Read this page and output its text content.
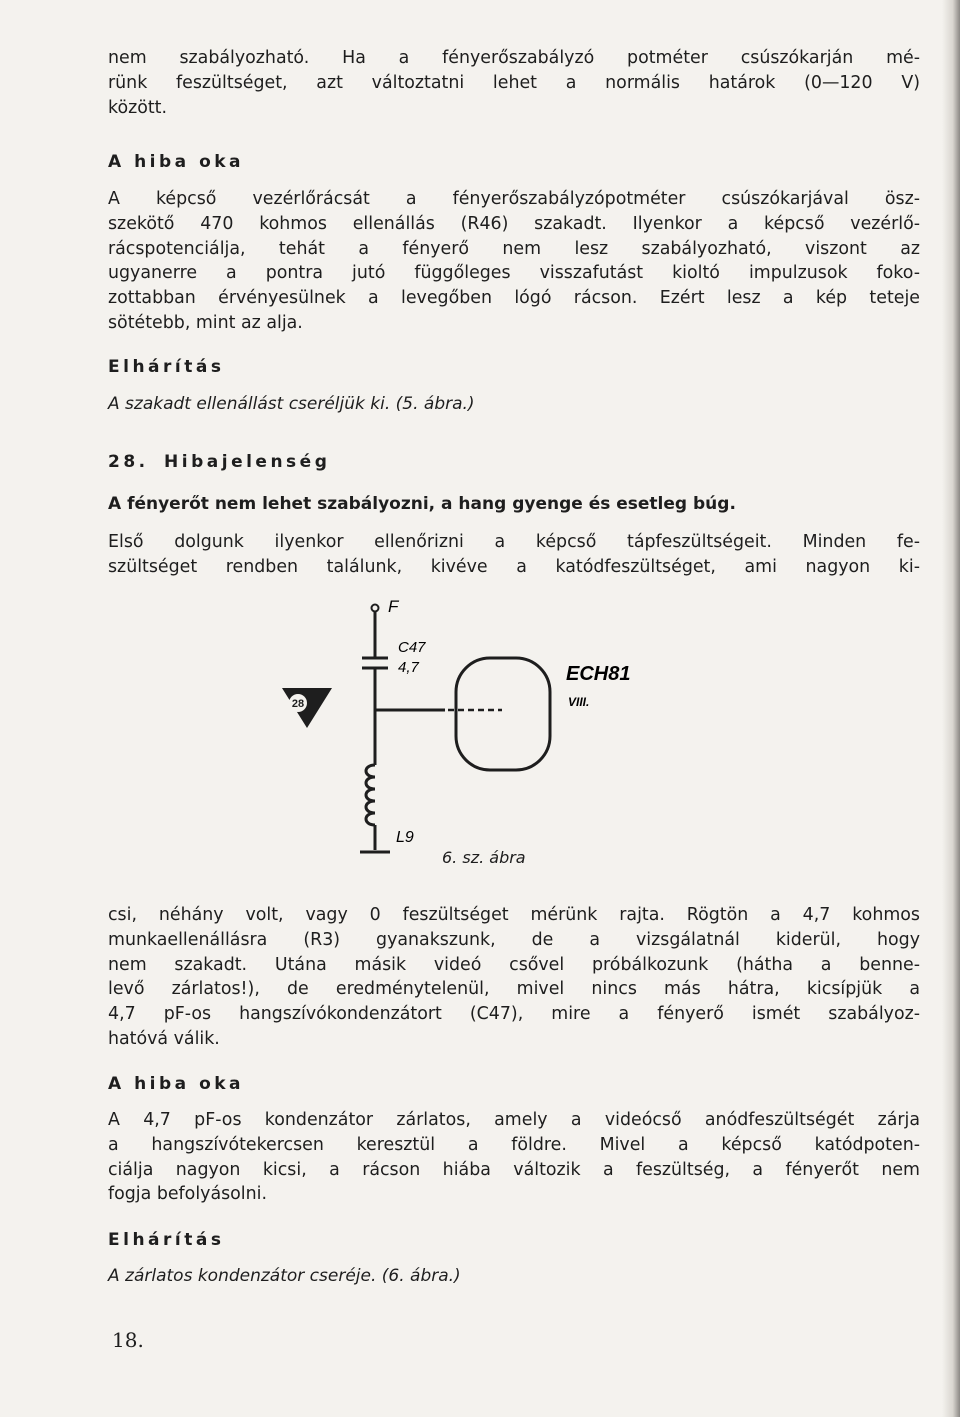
nem szabályozható. Ha a fényerőszabályzó potméter csúszókarján mé-
rünk feszültséget, azt változtatni lehet a normális határok (0—120 V)
között.

A hiba oka

A képcső vezérlőrácsát a fényerőszabályzópotméter csúszókarjával ösz-
szekötő 470 kohmos ellenállás (R46) szakadt. Ilyenkor a képcső vezérlő-
rácspotenciálja, tehát a fényerő nem lesz szabályozható, viszont az
ugyanerre a pontra jutó függőleges visszafutást kioltó impulzusok foko-
zottabban érvényesülnek a levegőben lógó rácson. Ezért lesz a kép teteje
sötétebb, mint az alja.

Elhárítás

A szakadt ellenállást cseréljük ki. (5. ábra.)

28. Hibajelenség

A fényerőt nem lehet szabályozni, a hang gyenge és esetleg búg.

Első dolgunk ilyenkor ellenőrizni a képcső tápfeszültségeit. Minden fe-
szültséget rendben találunk, kivéve a katódfeszültséget, ami nagyon ki-
28
F
C47
4,7	ECH81
VIII.
L9

6. sz. ábra

csi, néhány volt, vagy 0 feszültséget mérünk rajta. Rögtön a 4,7 kohmos
munkaellenállásra (R3) gyanakszunk, de a vizsgálatnál kiderül, hogy
nem szakadt. Utána másik videó csővel próbálkozunk (hátha a benne-
levő zárlatos!), de eredménytelenül, mivel nincs más hátra, kicsípjük a
4,7 pF-os hangszívókondenzátort (C47), mire a fényerő ismét szabályoz-
hatóvá válik.

A hiba oka

A 4,7 pF-os kondenzátor zárlatos, amely a videócső anódfeszültségét zárja
a hangszívótekercsen keresztül a földre. Mivel a képcső katódpoten-
ciálja nagyon kicsi, a rácson hiába változik a feszültség, a fényerőt nem
fogja befolyásolni.

Elhárítás

A zárlatos kondenzátor cseréje. (6. ábra.)

18.
